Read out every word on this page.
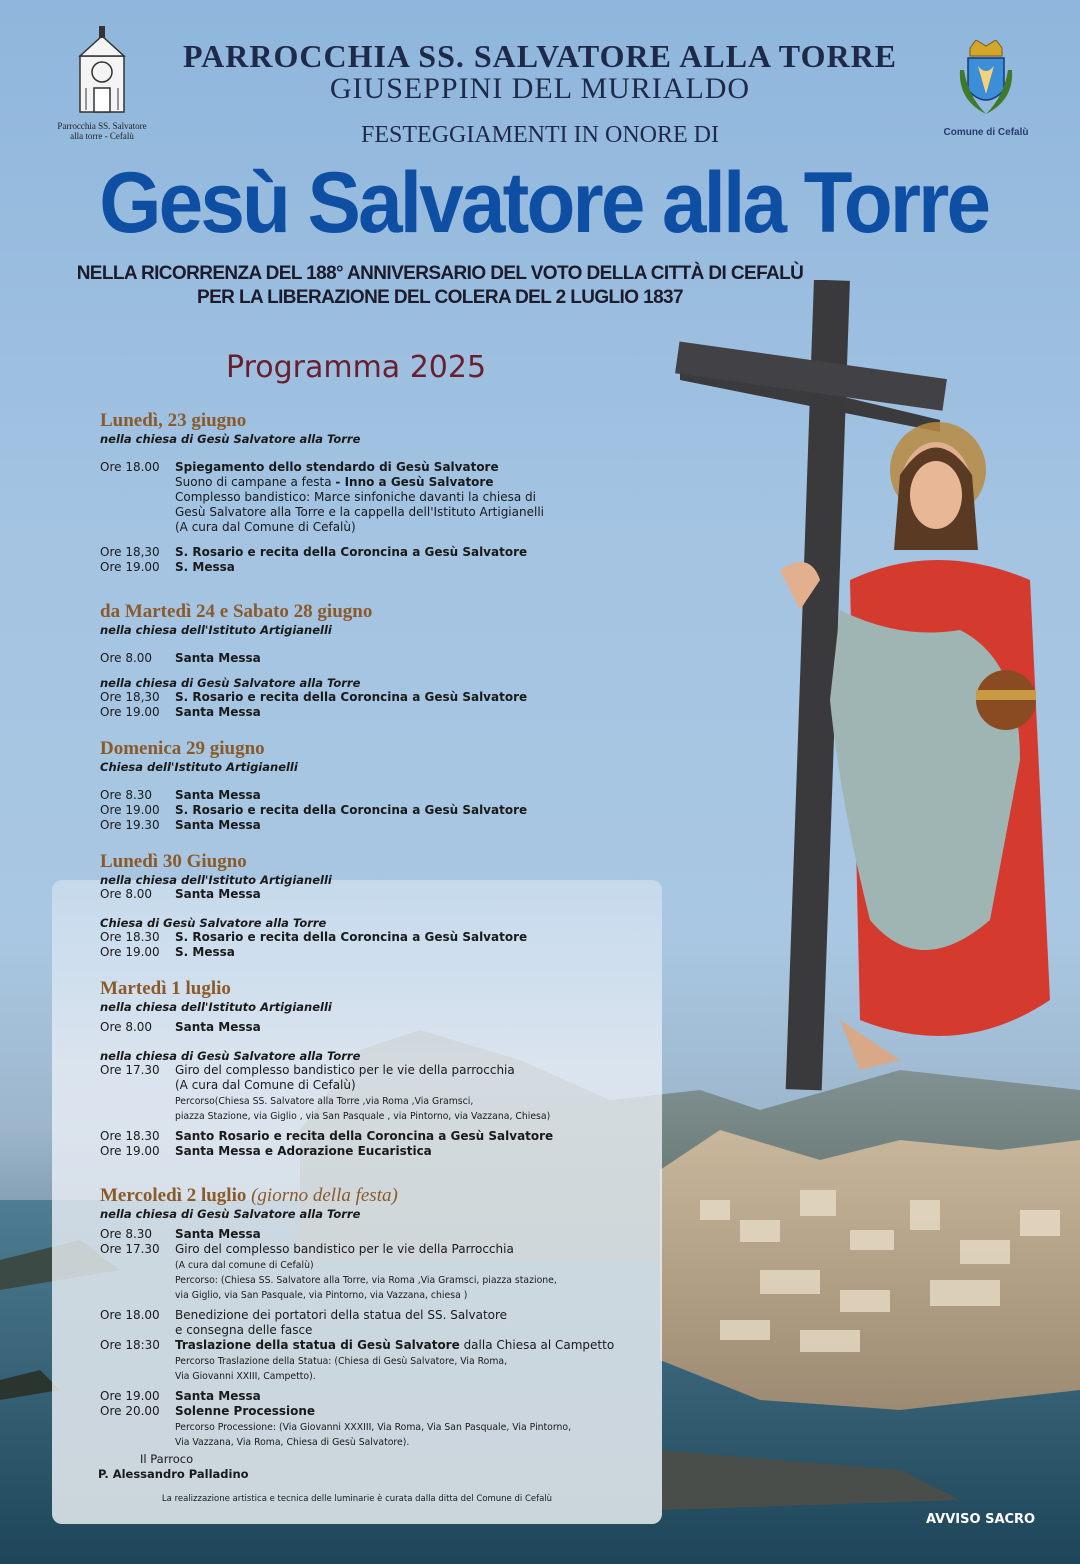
Parrocchia SS. Salvatore
alla torre - Cefalù	Comune di Cefalù
PARROCCHIA SS. SALVATORE ALLA TORRE
GIUSEPPINI DEL MURIALDO
FESTEGGIAMENTI IN ONORE DI
Gesù Salvatore alla Torre
NELLA RICORRENZA DEL 188° ANNIVERSARIO DEL VOTO DELLA CITTÀ DI CEFALÙ
PER LA LIBERAZIONE DEL COLERA DEL 2 LUGLIO 1837
Programma 2025
Lunedì, 23 giugno
nella chiesa di Gesù Salvatore alla Torre
Ore 18.00	Spiegamento dello stendardo di Gesù Salvatore
Suono di campane a festa - Inno a Gesù Salvatore
Complesso bandistico: Marce sinfoniche davanti la chiesa di
Gesù Salvatore alla Torre e la cappella dell'Istituto Artigianelli
(A cura dal Comune di Cefalù)
Ore 18,30	S. Rosario e recita della Coroncina a Gesù Salvatore
Ore 19.00	S. Messa
da Martedì 24 e Sabato 28 giugno
nella chiesa dell'Istituto Artigianelli
Ore 8.00	Santa Messa
nella chiesa di Gesù Salvatore alla Torre
Ore 18,30	S. Rosario e recita della Coroncina a Gesù Salvatore
Ore 19.00	Santa Messa
Domenica 29 giugno
Chiesa dell'Istituto Artigianelli
Ore 8.30	Santa Messa
Ore 19.00	S. Rosario e recita della Coroncina a Gesù Salvatore
Ore 19.30	Santa Messa
Lunedì 30 Giugno
nella chiesa dell'Istituto Artigianelli
Ore 8.00	Santa Messa
Chiesa di Gesù Salvatore alla Torre
Ore 18.30	S. Rosario e recita della Coroncina a Gesù Salvatore
Ore 19.00	S. Messa
Martedì 1 luglio
nella chiesa dell'Istituto Artigianelli
Ore 8.00	Santa Messa
nella chiesa di Gesù Salvatore alla Torre
Ore 17.30	Giro del complesso bandistico per le vie della parrocchia
(A cura dal Comune di Cefalù)
Percorso(Chiesa SS. Salvatore alla Torre ,via Roma ,Via Gramsci,
piazza Stazione, via Giglio , via San Pasquale , via Pintorno, via Vazzana, Chiesa)
Ore 18.30	Santo Rosario e recita della Coroncina a Gesù Salvatore
Ore 19.00	Santa Messa e Adorazione Eucaristica
Mercoledì 2 luglio (giorno della festa)
nella chiesa di Gesù Salvatore alla Torre
Ore 8.30	Santa Messa
Ore 17.30	Giro del complesso bandistico per le vie della Parrocchia
(A cura dal comune di Cefalù)
Percorso: (Chiesa SS. Salvatore alla Torre, via Roma ,Via Gramsci, piazza stazione,
via Giglio, via San Pasquale, via Pintorno, via Vazzana, chiesa )
Ore 18.00	Benedizione dei portatori della statua del SS. Salvatore
e consegna delle fasce
Ore 18:30	Traslazione della statua di Gesù Salvatore dalla Chiesa al Campetto
Percorso Traslazione della Statua: (Chiesa di Gesù Salvatore, Via Roma,
Via Giovanni XXIII, Campetto).
Ore 19.00	Santa Messa
Ore 20.00	Solenne Processione
Percorso Processione: (Via Giovanni XXXIII, Via Roma, Via San Pasquale, Via Pintorno,
Via Vazzana, Via Roma, Chiesa di Gesù Salvatore).
Il Parroco
P. Alessandro Palladino
La realizzazione artistica e tecnica delle luminarie è curata dalla ditta del Comune di Cefalù
AVVISO SACRO
